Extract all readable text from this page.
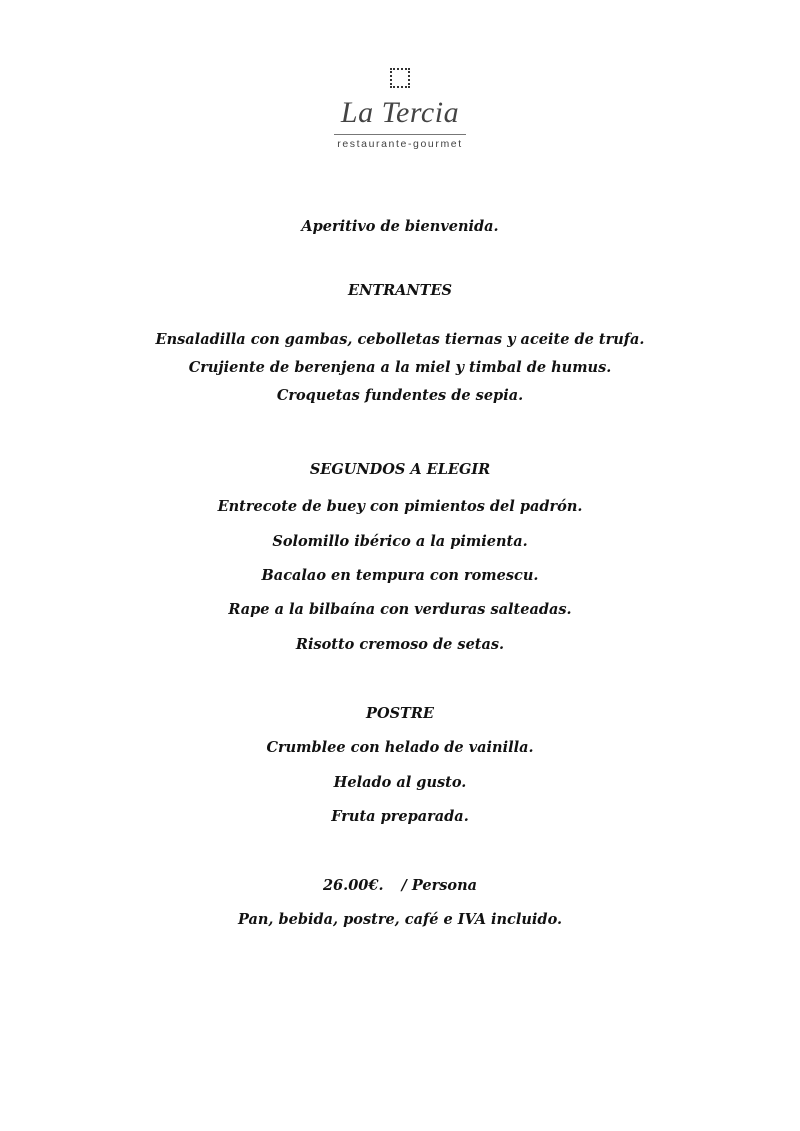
La Tercia
restaurante-gourmet
Aperitivo de bienvenida.
ENTRANTES
Ensaladilla con gambas, cebolletas tiernas y aceite de trufa.
Crujiente de berenjena a la miel y timbal de humus.
Croquetas fundentes de sepia.
SEGUNDOS A ELEGIR
Entrecote de buey con pimientos del padrón.
Solomillo ibérico a la pimienta.
Bacalao en tempura con romescu.
Rape a la bilbaína con verduras salteadas.
Risotto cremoso de setas.
POSTRE
Crumblee con helado de vainilla.
Helado al gusto.
Fruta preparada.
26.00€. / Persona
Pan, bebida, postre, café e IVA incluido.
